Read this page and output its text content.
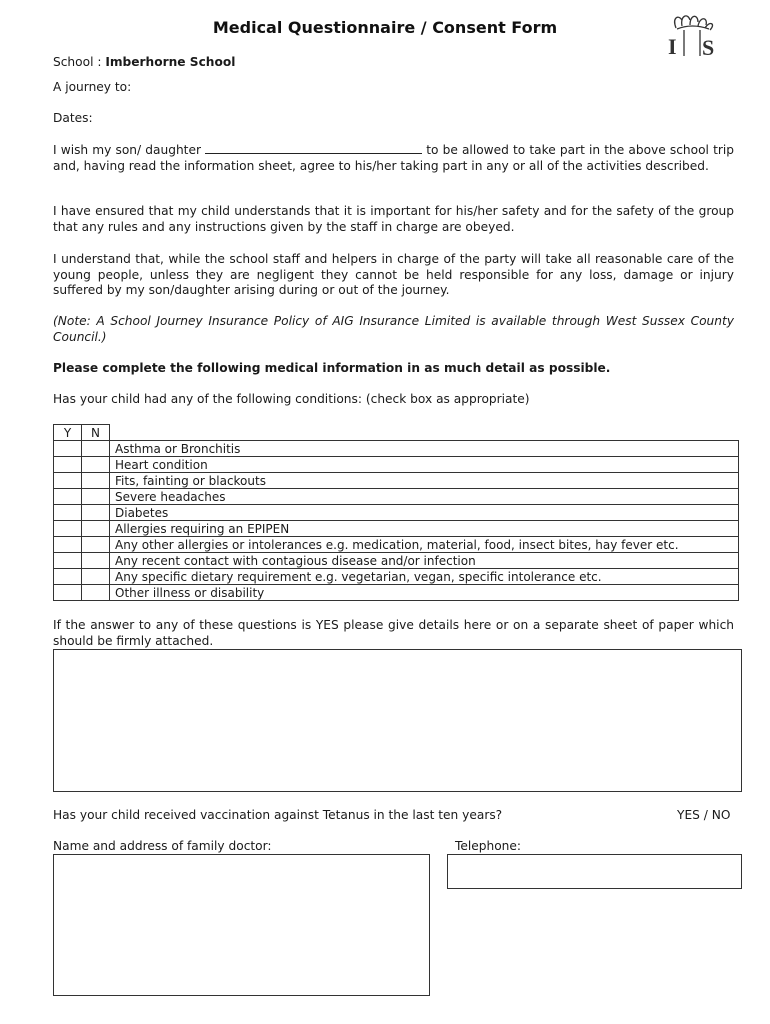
Medical Questionnaire / Consent Form
I S
School : Imberhorne School
A journey to:
Dates:
I wish my son/ daughter	to be allowed to take part in the above school trip and, having read the information sheet, agree to his/her taking part in any or all of the activities described.
I have ensured that my child understands that it is important for his/her safety and for the safety of the group that any rules and any instructions given by the staff in charge are obeyed.
I understand that, while the school staff and helpers in charge of the party will take all reasonable care of the young people, unless they are negligent they cannot be held responsible for any loss, damage or injury suffered by my son/daughter arising during or out of the journey.
(Note: A School Journey Insurance Policy of AIG Insurance Limited is available through West Sussex County Council.)
Please complete the following medical information in as much detail as possible.
Has your child had any of the following conditions: (check box as appropriate)
Y	N	
		Asthma or Bronchitis
		Heart condition
		Fits, fainting or blackouts
		Severe headaches
		Diabetes
		Allergies requiring an EPIPEN
		Any other allergies or intolerances e.g. medication, material, food, insect bites, hay fever etc.
		Any recent contact with contagious disease and/or infection
		Any specific dietary requirement e.g. vegetarian, vegan, specific intolerance etc.
		Other illness or disability
If the answer to any of these questions is YES please give details here or on a separate sheet of paper which should be firmly attached.
Has your child received vaccination against Tetanus in the last ten years?	YES / NO
Name and address of family doctor:	Telephone:
